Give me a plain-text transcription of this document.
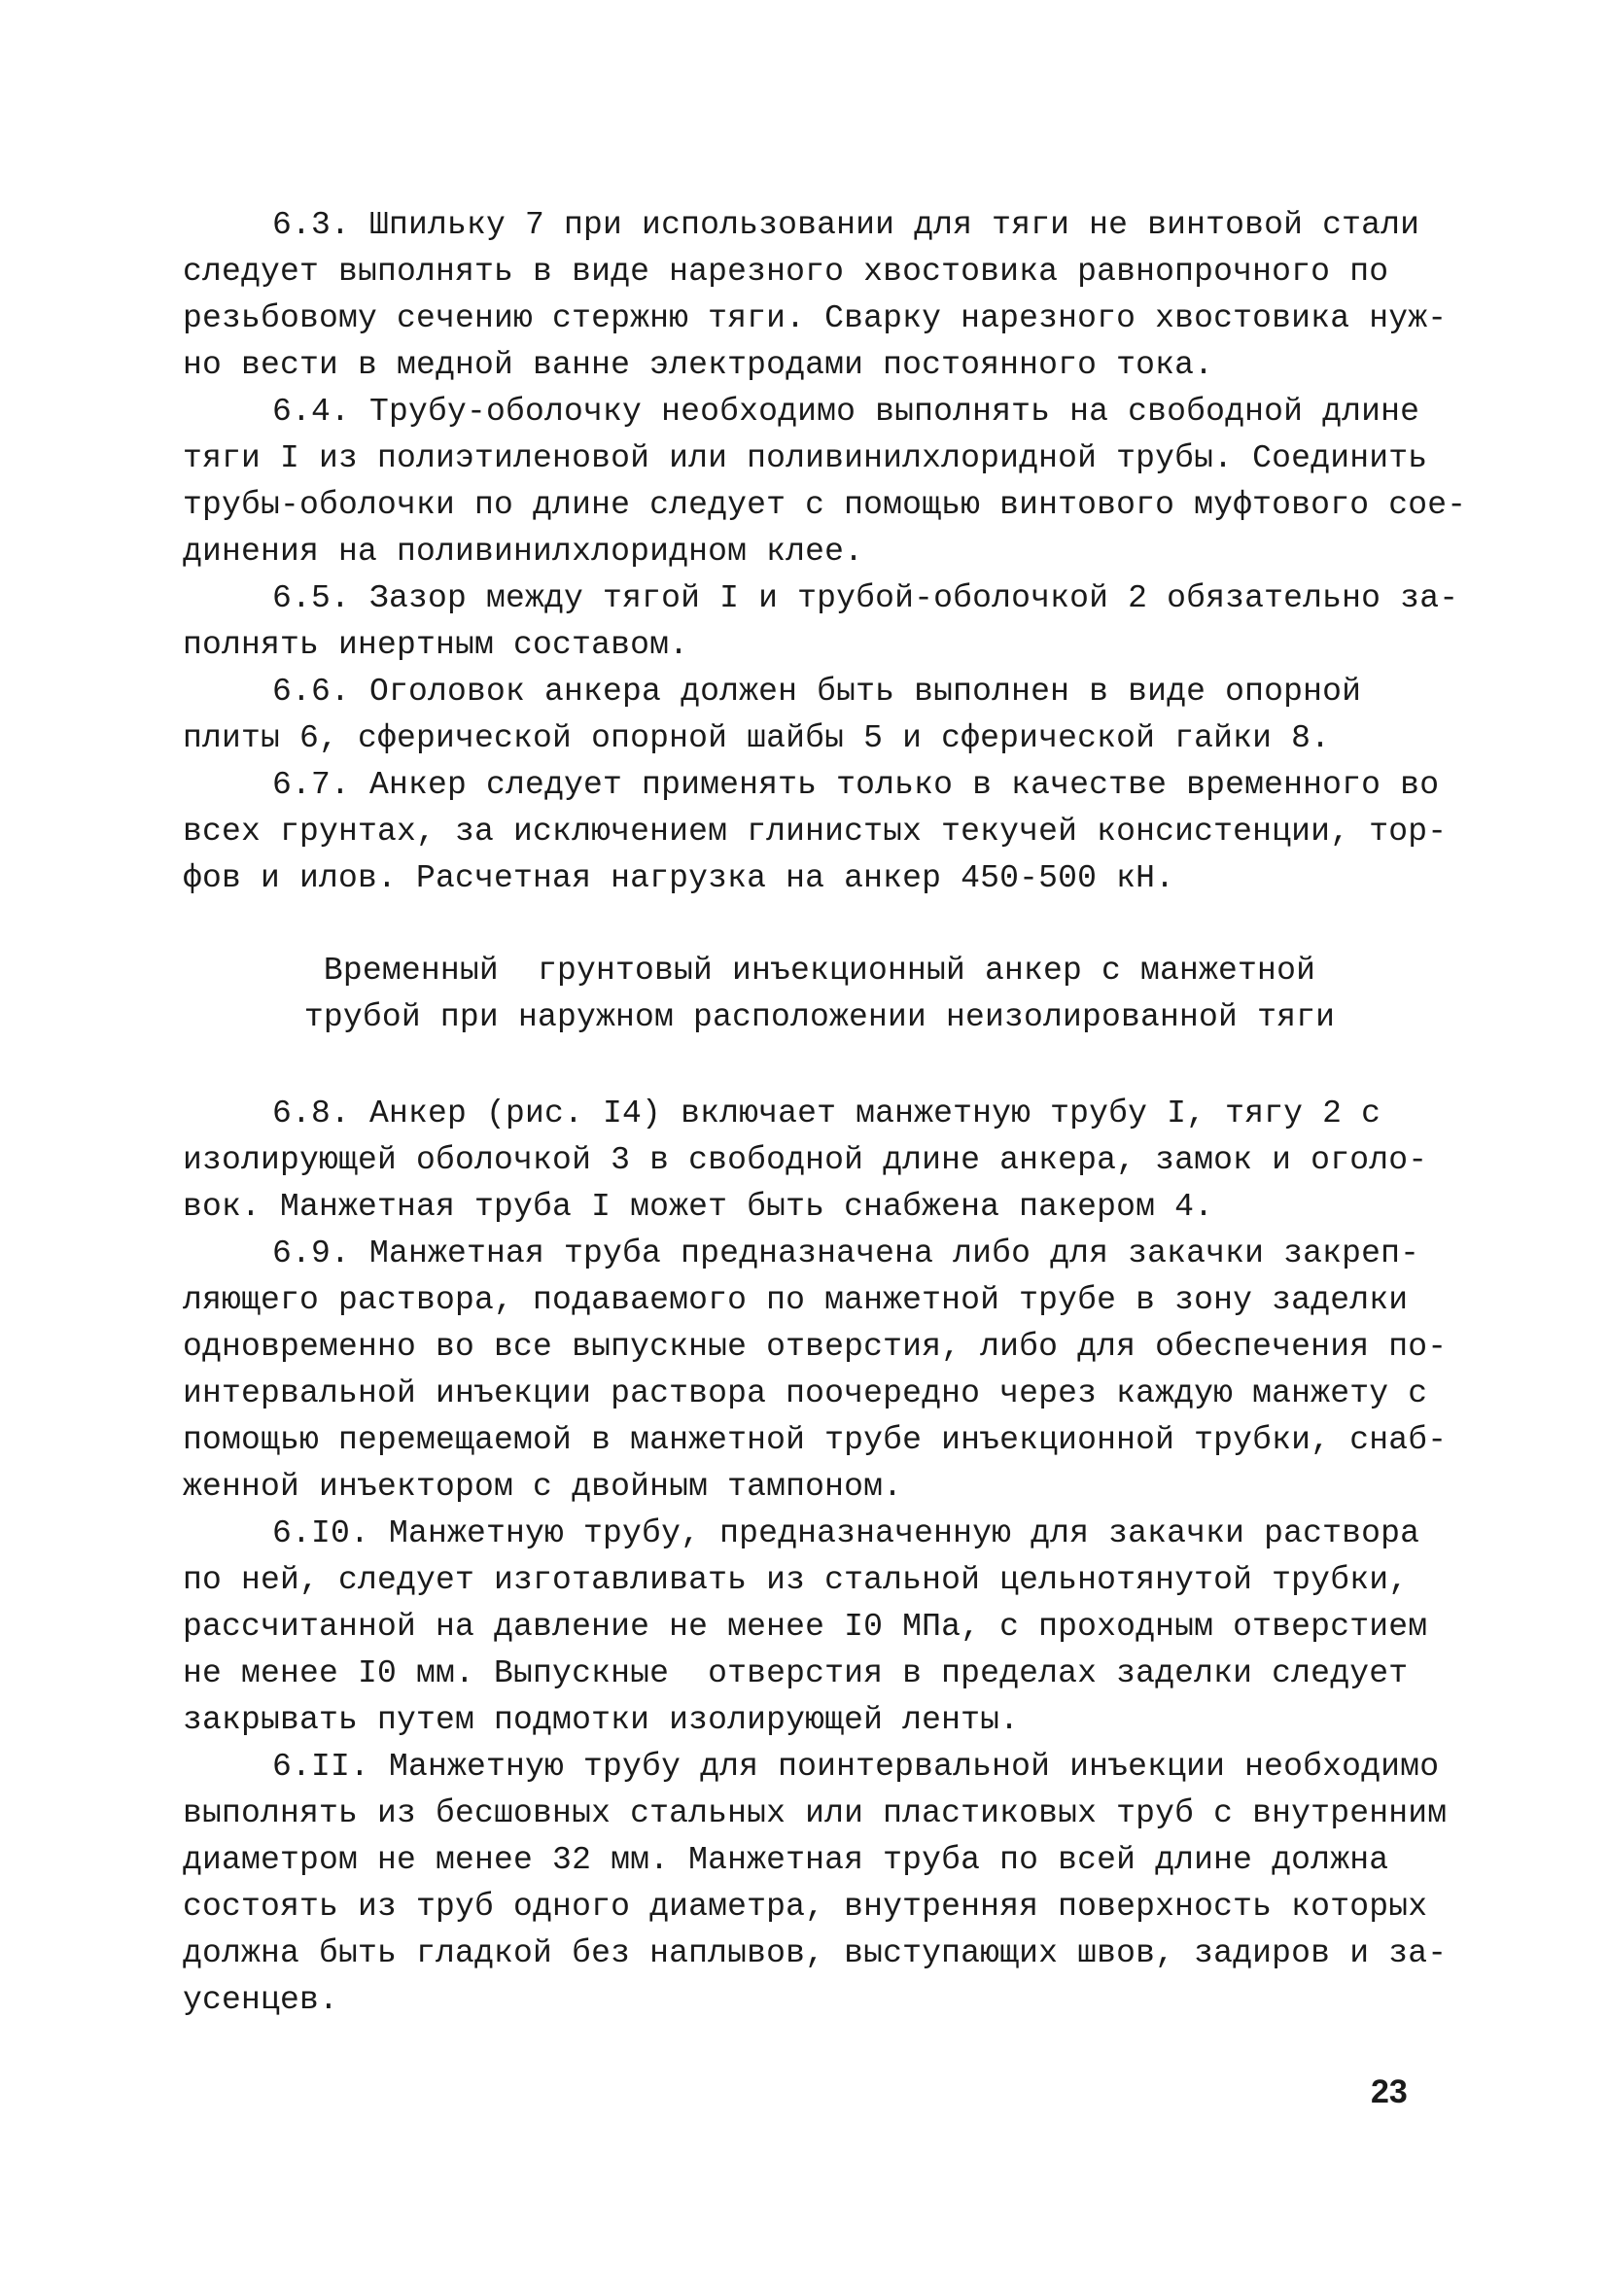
6.3. Шпильку 7 при использовании для тяги не винтовой стали
следует выполнять в виде нарезного хвостовика равнопрочного по
резьбовому сечению стержню тяги. Сварку нарезного хвостовика нуж-
но вести в медной ванне электродами постоянного тока.
6.4. Трубу-оболочку необходимо выполнять на свободной длине
тяги I из полиэтиленовой или поливинилхлоридной трубы. Соединить
трубы-оболочки по длине следует с помощью винтового муфтового сое-
динения на поливинилхлоридном клее.
6.5. Зазор между тягой I и трубой-оболочкой 2 обязательно за-
полнять инертным составом.
6.6. Оголовок анкера должен быть выполнен в виде опорной
плиты 6, сферической опорной шайбы 5 и сферической гайки 8.
6.7. Анкер следует применять только в качестве временного во
всех грунтах, за исключением глинистых текучей консистенции, тор-
фов и илов. Расчетная нагрузка на анкер 450-500 кН.
Временный  грунтовый инъекционный анкер с манжетной
трубой при наружном расположении неизолированной тяги
6.8. Анкер (рис. I4) включает манжетную трубу I, тягу 2 с
изолирующей оболочкой 3 в свободной длине анкера, замок и оголо-
вок. Манжетная труба I может быть снабжена пакером 4.
6.9. Манжетная труба предназначена либо для закачки закреп-
ляющего раствора, подаваемого по манжетной трубе в зону заделки
одновременно во все выпускные отверстия, либо для обеспечения по-
интервальной инъекции раствора поочередно через каждую манжету с
помощью перемещаемой в манжетной трубе инъекционной трубки, снаб-
женной инъектором с двойным тампоном.
6.I0. Манжетную трубу, предназначенную для закачки раствора
по ней, следует изготавливать из стальной цельнотянутой трубки,
рассчитанной на давление не менее I0 МПа, с проходным отверстием
не менее I0 мм. Выпускные  отверстия в пределах заделки следует
закрывать путем подмотки изолирующей ленты.
6.II. Манжетную трубу для поинтервальной инъекции необходимо
выполнять из бесшовных стальных или пластиковых труб с внутренним
диаметром не менее 32 мм. Манжетная труба по всей длине должна
состоять из труб одного диаметра, внутренняя поверхность которых
должна быть гладкой без наплывов, выступающих швов, задиров и за-
усенцев.
23
